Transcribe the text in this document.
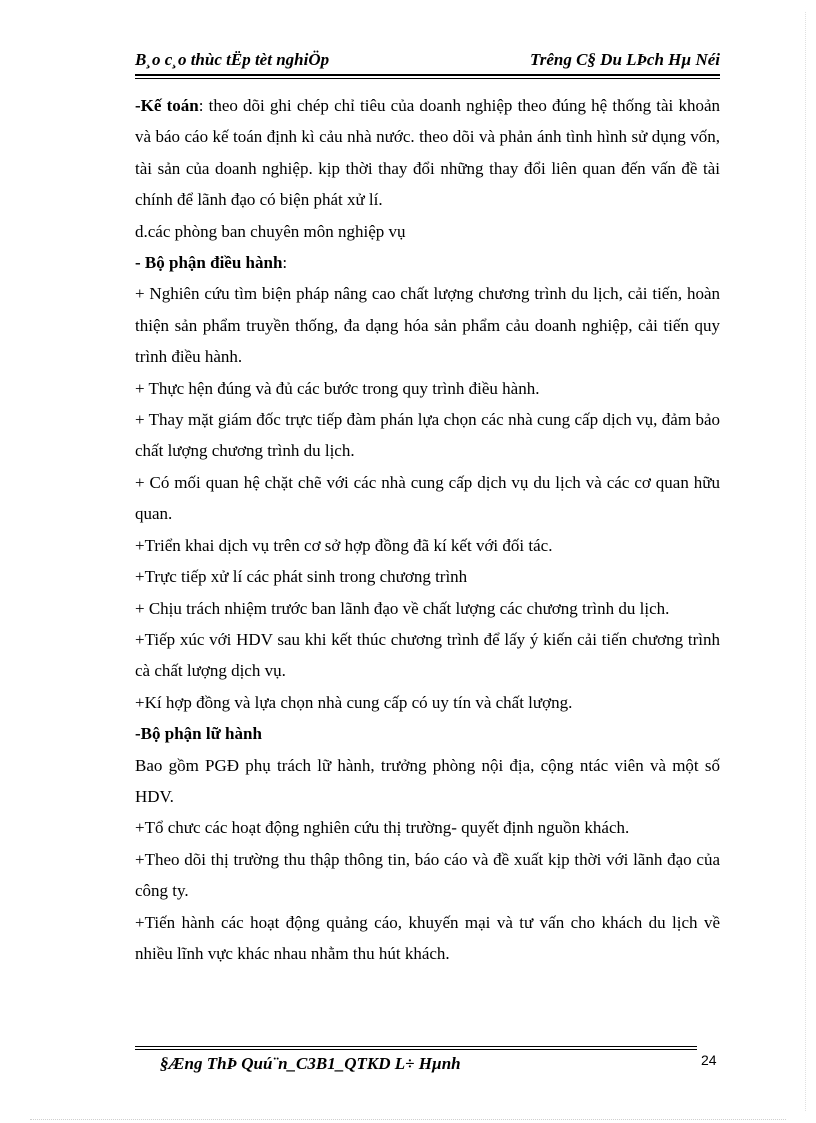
B¸o c¸o thùc tËp tèt nghiÖp	Trêng C§ Du LÞch Hµ Néi

-Kế toán: theo dõi ghi chép chỉ tiêu của doanh nghiệp theo đúng hệ thống tài khoản và báo cáo kế toán định kì cảu nhà nước. theo dõi và phản ánh tình hình sử dụng vốn, tài sản của doanh nghiệp. kịp thời thay đổi những thay đổi liên quan đến vấn đề tài chính để lãnh đạo có biện phát xử lí.

d.các phòng ban chuyên môn nghiệp vụ

- Bộ phận điều hành:

+ Nghiên cứu tìm biện pháp nâng cao chất lượng chương trình du lịch, cải tiến, hoàn thiện sản phẩm truyền thống, đa dạng hóa sản phẩm cảu doanh nghiệp, cải tiến quy trình điều hành.

+ Thực hện đúng và đủ các bước trong quy trình điều hành.

+ Thay mặt giám đốc trực tiếp đàm phán lựa chọn các nhà cung cấp dịch vụ, đảm bảo chất lượng chương trình du lịch.

+ Có mối quan hệ chặt chẽ với các nhà cung cấp dịch vụ du lịch và các cơ quan hữu quan.

+Triển khai dịch vụ trên cơ sở hợp đồng đã kí kết với đối tác.

+Trực tiếp xử lí các phát sinh trong chương trình

+ Chịu trách nhiệm trước ban lãnh đạo về chất lượng các chương trình du lịch.

+Tiếp xúc với HDV sau khi kết thúc chương trình để lấy ý kiến cải tiến chương trình cà chất lượng dịch vụ.

+Kí hợp đồng và lựa chọn nhà cung cấp có uy tín và chất lượng.

-Bộ phận lữ hành

Bao gồm PGĐ phụ trách lữ hành, trưởng phòng nội địa, cộng ntác viên và một số HDV.

+Tổ chưc các hoạt động nghiên cứu thị trường- quyết định nguồn khách.

+Theo dõi thị trường thu thập thông tin, báo cáo và đề xuất kịp thời với lãnh đạo của công ty.

+Tiến hành các hoạt động quảng cáo, khuyến mại và tư vấn cho khách du lịch về nhiều lĩnh vực khác nhau nhằm thu hút khách.

§Æng ThÞ Quú¨n_C3B1_QTKD L÷ Hµnh	24
